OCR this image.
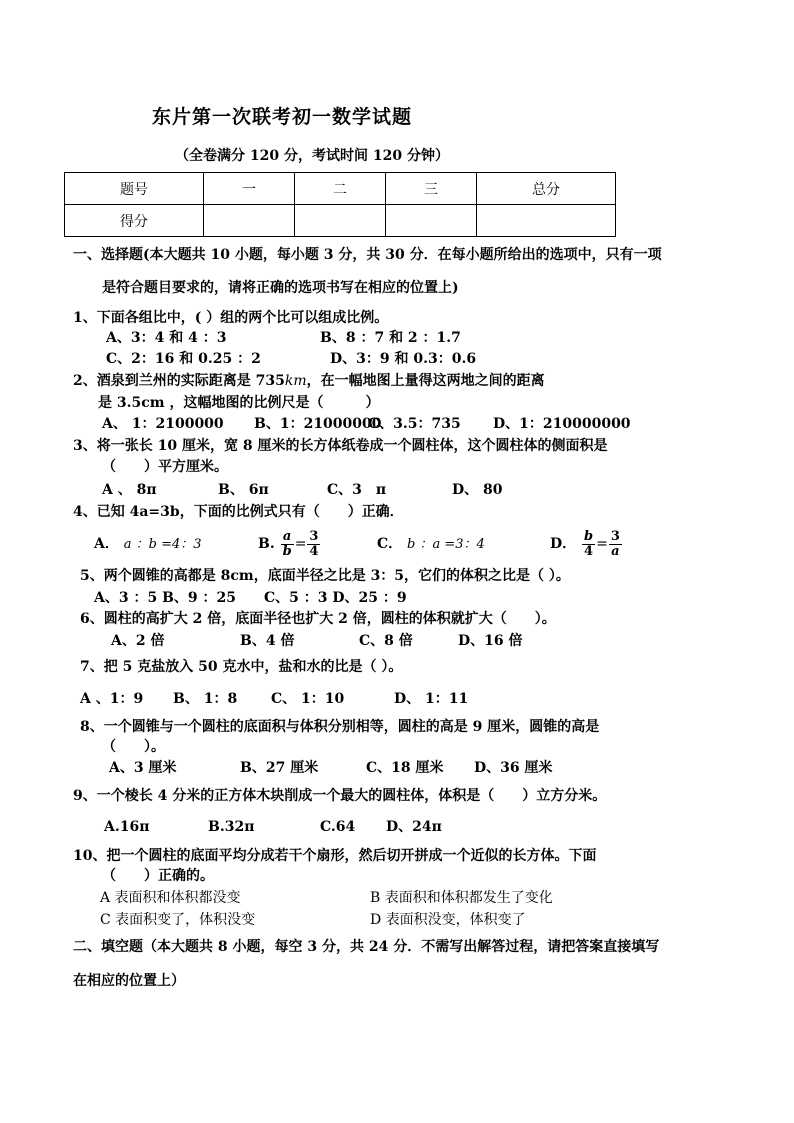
东片第一次联考初一数学试题
（全卷满分 120 分，考试时间 120 分钟）
题号	一	二	三	总分
得分				
一、选择题(本大题共 10 小题，每小题 3 分，共 30 分．在每小题所给出的选项中，只有一项
是符合题目要求的，请将正确的选项书写在相应的位置上)
1、下面各组比中，( ）组的两个比可以组成比例。
A、3：4 和 4 ：3	B、8 ：7 和 2 ：1.7
C、2：16 和 0.25 ：2	D、3：9 和 0.3：0.6
2、酒泉到兰州的实际距离是 735km，在一幅地图上量得这两地之间的距离
是 3.5cm ，这幅地图的比例尺是（　　　）
A、 1：2100000 B、1：21000000
C、3.5：735 D、1：210000000
3、将一张长 10 厘米，宽 8 厘米的长方体纸卷成一个圆柱体，这个圆柱体的侧面积是
（　　）平方厘米。
A 、 8π	B、 6π	C、3　π	D、 80
4、已知 4a=3b，下面的比例式只有（　　）正确．
A． a ：b =4：3	B. $\frac{a}{b} = \frac{3}{4}$	C． b ：a =3：4	D． $\frac{b}{4} = \frac{3}{a}$
5、两个圆锥的高都是 8cm，底面半径之比是 3：5，它们的体积之比是（ ）。
A、3 ：5 B、9 ：25　　C、5 ：3 D、25 ：9
6、圆柱的高扩大 2 倍，底面半径也扩大 2 倍，圆柱的体积就扩大（　　）。
A、2 倍	B、4 倍	C、8 倍	D、16 倍
7、把 5 克盐放入 50 克水中，盐和水的比是（ ）。
A 、1：9 B、 1：8 C、 1：10	D、 1：11
8、一个圆锥与一个圆柱的底面积与体积分别相等，圆柱的高是 9 厘米，圆锥的高是
（　　）。
A、3 厘米	B、27 厘米	C、18 厘米 D、36 厘米
9、一个棱长 4 分米的正方体木块削成一个最大的圆柱体，体积是（　　）立方分米。
A.16π	B.32π	C.64 D、24π
10、把一个圆柱的底面平均分成若干个扇形，然后切开拼成一个近似的长方体。下面
（　　）正确的。
A 表面积和体积都没变	B 表面积和体积都发生了变化
C 表面积变了，体积没变	D 表面积没变，体积变了
二、填空题（本大题共 8 小题，每空 3 分，共 24 分．不需写出解答过程，请把答案直接填写
在相应的位置上）
